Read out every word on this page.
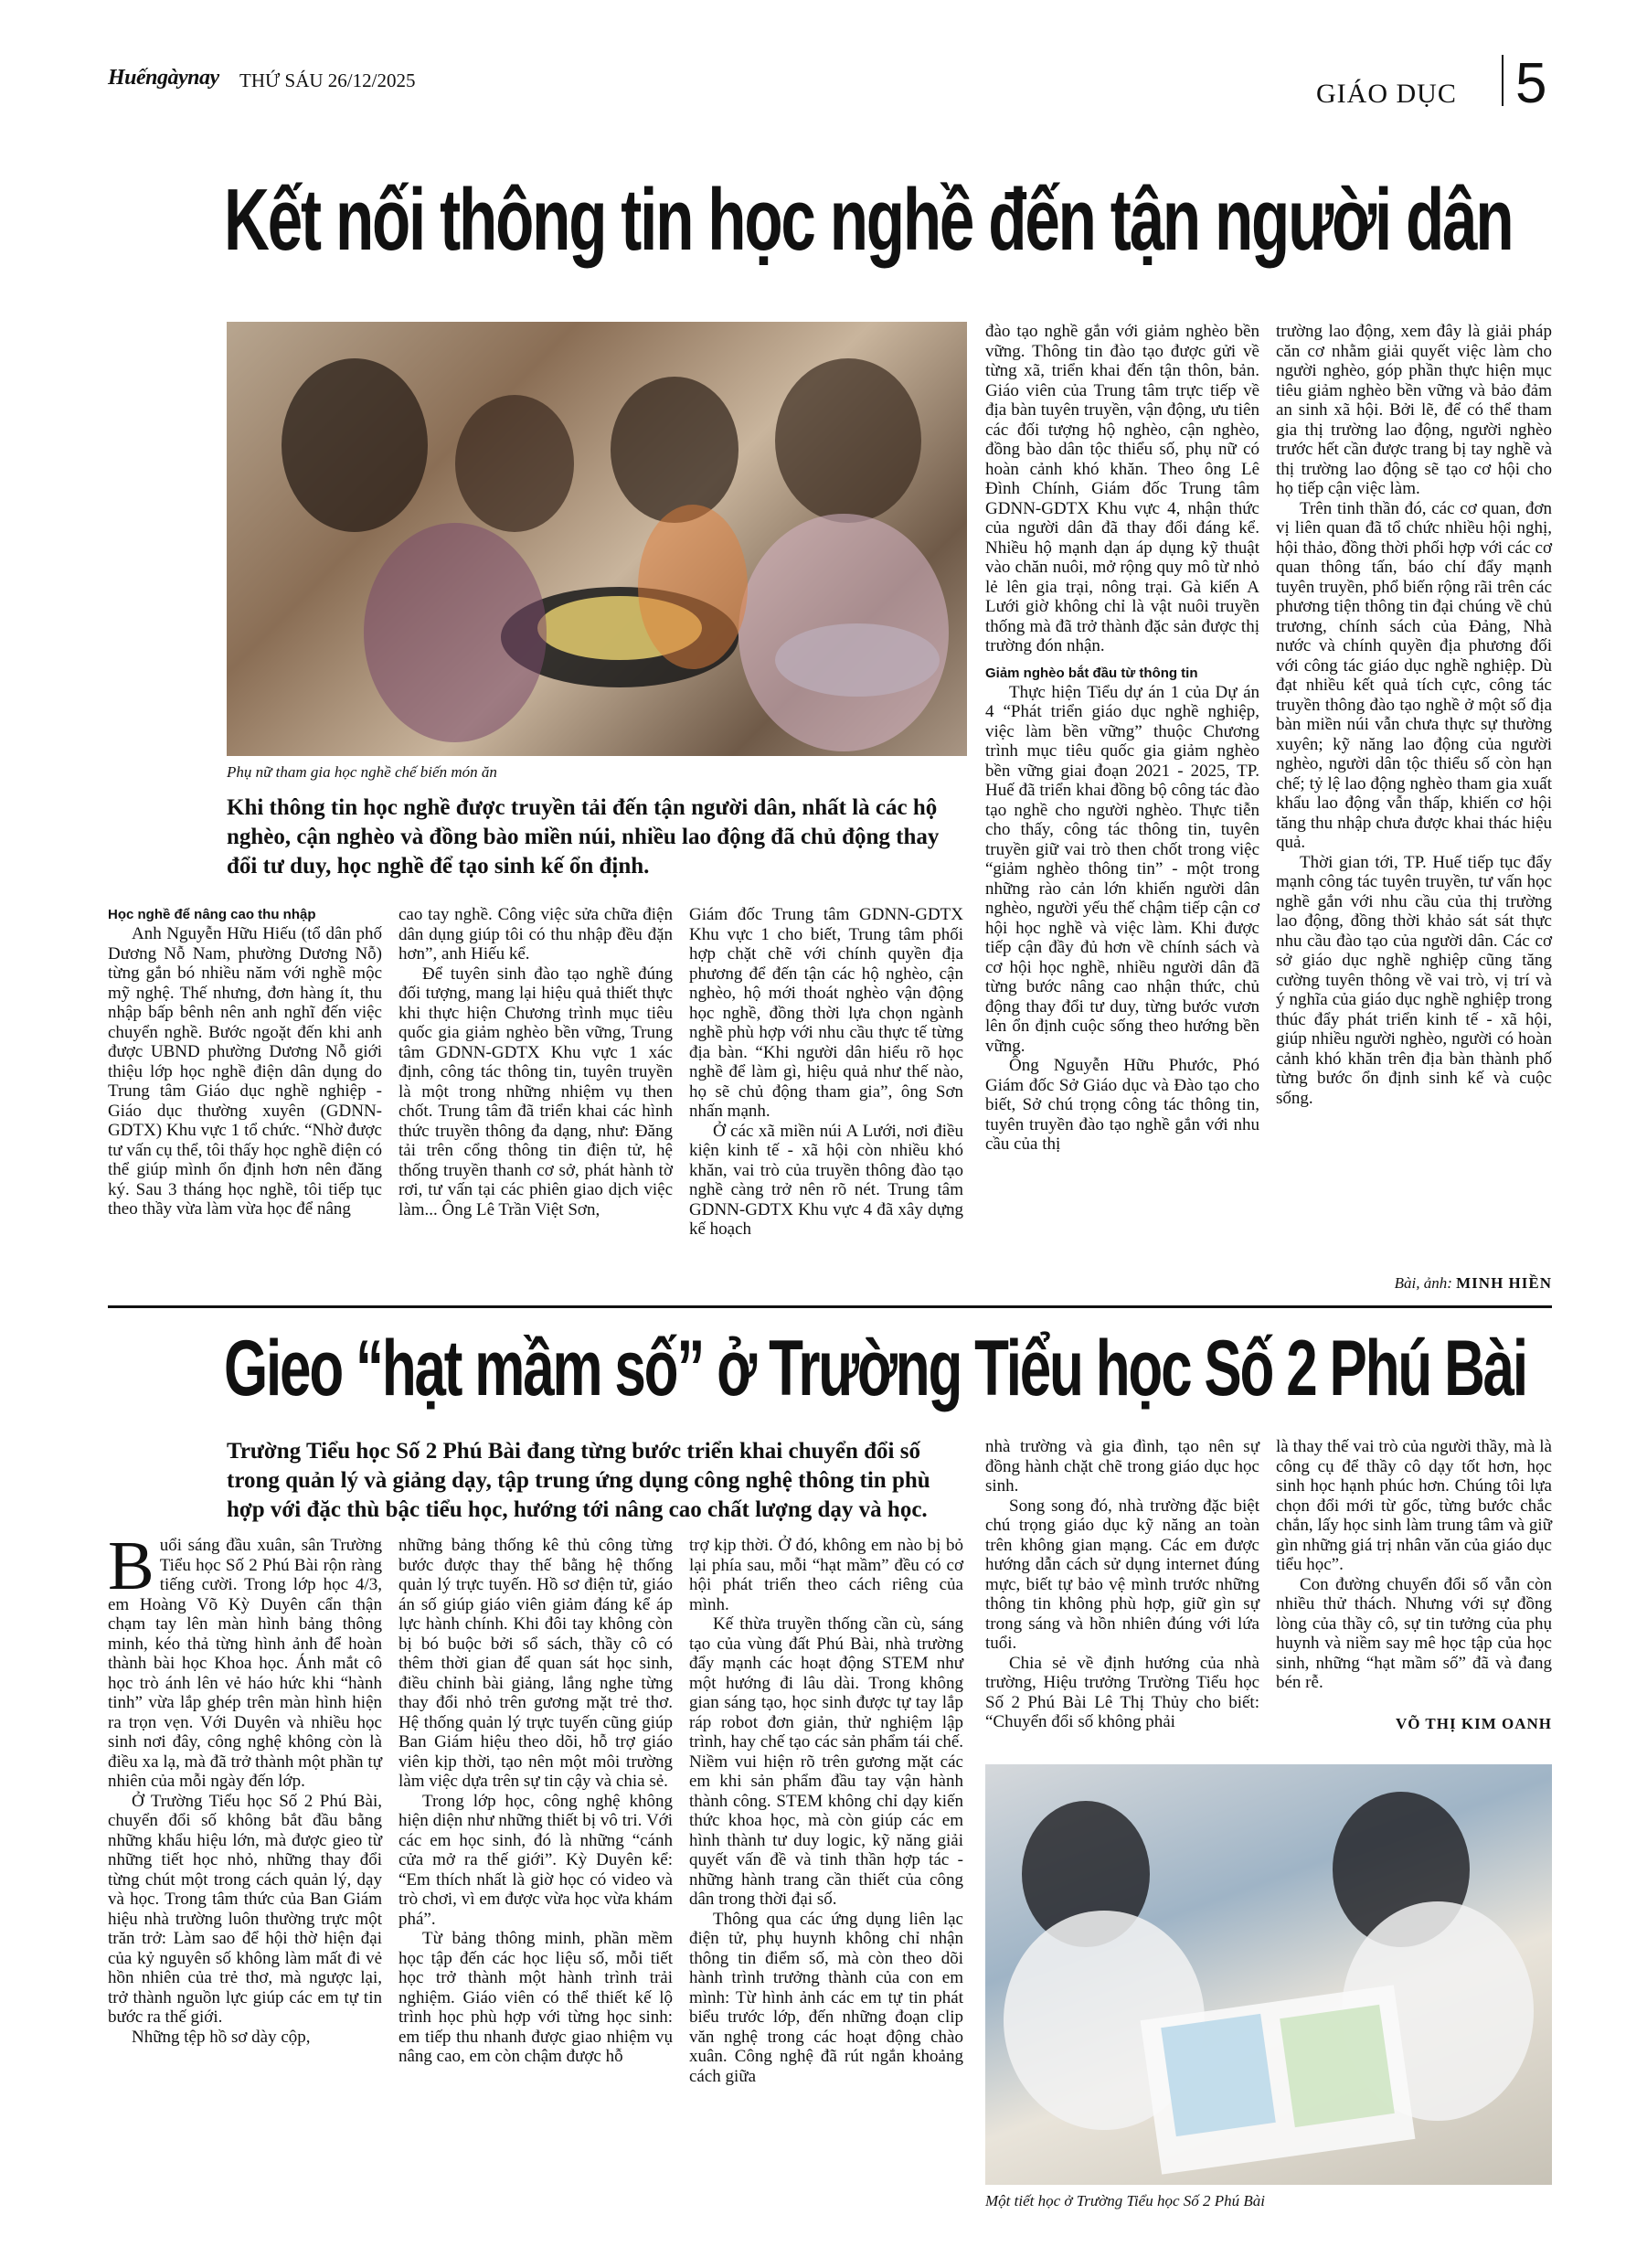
Huếngàynay THỨ SÁU 26/12/2025	GIÁO DỤC 5
Kết nối thông tin học nghề đến tận người dân
Phụ nữ tham gia học nghề chế biến món ăn
Khi thông tin học nghề được truyền tải đến tận người dân, nhất là các hộ nghèo, cận nghèo và đồng bào miền núi, nhiều lao động đã chủ động thay đổi tư duy, học nghề để tạo sinh kế ổn định.

Học nghề để nâng cao thu nhập

Anh Nguyễn Hữu Hiếu (tổ dân phố Dương Nỗ Nam, phường Dương Nỗ) từng gắn bó nhiều năm với nghề mộc mỹ nghệ. Thế nhưng, đơn hàng ít, thu nhập bấp bênh nên anh nghĩ đến việc chuyển nghề. Bước ngoặt đến khi anh được UBND phường Dương Nỗ giới thiệu lớp học nghề điện dân dụng do Trung tâm Giáo dục nghề nghiệp - Giáo dục thường xuyên (GDNN-GDTX) Khu vực 1 tổ chức. “Nhờ được tư vấn cụ thể, tôi thấy học nghề điện có thể giúp mình ổn định hơn nên đăng ký. Sau 3 tháng học nghề, tôi tiếp tục theo thầy vừa làm vừa học để nâng

cao tay nghề. Công việc sửa chữa điện dân dụng giúp tôi có thu nhập đều đặn hơn”, anh Hiếu kể.

Để tuyên sinh đào tạo nghề đúng đối tượng, mang lại hiệu quả thiết thực khi thực hiện Chương trình mục tiêu quốc gia giảm nghèo bền vững, Trung tâm GDNN-GDTX Khu vực 1 xác định, công tác thông tin, tuyên truyền là một trong những nhiệm vụ then chốt. Trung tâm đã triển khai các hình thức truyền thông đa dạng, như: Đăng tải trên cổng thông tin điện tử, hệ thống truyền thanh cơ sở, phát hành tờ rơi, tư vấn tại các phiên giao dịch việc làm... Ông Lê Trần Việt Sơn,

Giám đốc Trung tâm GDNN-GDTX Khu vực 1 cho biết, Trung tâm phối hợp chặt chẽ với chính quyền địa phương để đến tận các hộ nghèo, cận nghèo, hộ mới thoát nghèo vận động học nghề, đồng thời lựa chọn ngành nghề phù hợp với nhu cầu thực tế từng địa bàn. “Khi người dân hiểu rõ học nghề để làm gì, hiệu quả như thế nào, họ sẽ chủ động tham gia”, ông Sơn nhấn mạnh.

Ở các xã miền núi A Lưới, nơi điều kiện kinh tế - xã hội còn nhiều khó khăn, vai trò của truyền thông đào tạo nghề càng trở nên rõ nét. Trung tâm GDNN-GDTX Khu vực 4 đã xây dựng kế hoạch

đào tạo nghề gắn với giảm nghèo bền vững. Thông tin đào tạo được gửi về từng xã, triển khai đến tận thôn, bản. Giáo viên của Trung tâm trực tiếp về địa bàn tuyên truyền, vận động, ưu tiên các đối tượng hộ nghèo, cận nghèo, đồng bào dân tộc thiểu số, phụ nữ có hoàn cảnh khó khăn. Theo ông Lê Đình Chính, Giám đốc Trung tâm GDNN-GDTX Khu vực 4, nhận thức của người dân đã thay đổi đáng kể. Nhiều hộ mạnh dạn áp dụng kỹ thuật vào chăn nuôi, mở rộng quy mô từ nhỏ lẻ lên gia trại, nông trại. Gà kiến A Lưới giờ không chỉ là vật nuôi truyền thống mà đã trở thành đặc sản được thị trường đón nhận.

Giảm nghèo bắt đầu từ thông tin

Thực hiện Tiểu dự án 1 của Dự án 4 “Phát triển giáo dục nghề nghiệp, việc làm bền vững” thuộc Chương trình mục tiêu quốc gia giảm nghèo bền vững giai đoạn 2021 - 2025, TP. Huế đã triển khai đồng bộ công tác đào tạo nghề cho người nghèo. Thực tiễn cho thấy, công tác thông tin, tuyên truyền giữ vai trò then chốt trong việc “giảm nghèo thông tin” - một trong những rào cản lớn khiến người dân nghèo, người yếu thế chậm tiếp cận cơ hội học nghề và việc làm. Khi được tiếp cận đầy đủ hơn về chính sách và cơ hội học nghề, nhiều người dân đã từng bước nâng cao nhận thức, chủ động thay đổi tư duy, từng bước vươn lên ổn định cuộc sống theo hướng bền vững.

Ông Nguyễn Hữu Phước, Phó Giám đốc Sở Giáo dục và Đào tạo cho biết, Sở chú trọng công tác thông tin, tuyên truyền đào tạo nghề gắn với nhu cầu của thị

trường lao động, xem đây là giải pháp căn cơ nhằm giải quyết việc làm cho người nghèo, góp phần thực hiện mục tiêu giảm nghèo bền vững và bảo đảm an sinh xã hội. Bởi lẽ, để có thể tham gia thị trường lao động, người nghèo trước hết cần được trang bị tay nghề và thị trường lao động sẽ tạo cơ hội cho họ tiếp cận việc làm.

Trên tinh thần đó, các cơ quan, đơn vị liên quan đã tổ chức nhiều hội nghị, hội thảo, đồng thời phối hợp với các cơ quan thông tấn, báo chí đẩy mạnh tuyên truyền, phổ biến rộng rãi trên các phương tiện thông tin đại chúng về chủ trương, chính sách của Đảng, Nhà nước và chính quyền địa phương đối với công tác giáo dục nghề nghiệp. Dù đạt nhiều kết quả tích cực, công tác truyền thông đào tạo nghề ở một số địa bàn miền núi vẫn chưa thực sự thường xuyên; kỹ năng lao động của người nghèo, người dân tộc thiểu số còn hạn chế; tỷ lệ lao động nghèo tham gia xuất khẩu lao động vẫn thấp, khiến cơ hội tăng thu nhập chưa được khai thác hiệu quả.

Thời gian tới, TP. Huế tiếp tục đẩy mạnh công tác tuyên truyền, tư vấn học nghề gắn với nhu cầu của thị trường lao động, đồng thời khảo sát sát thực nhu cầu đào tạo của người dân. Các cơ sở giáo dục nghề nghiệp cũng tăng cường tuyên thông về vai trò, vị trí và ý nghĩa của giáo dục nghề nghiệp trong thúc đẩy phát triển kinh tế - xã hội, giúp nhiều người nghèo, người có hoàn cảnh khó khăn trên địa bàn thành phố từng bước ổn định sinh kế và cuộc sống.

Bài, ảnh: MINH HIỀN
Gieo “hạt mầm số” ở Trường Tiểu học Số 2 Phú Bài
Trường Tiểu học Số 2 Phú Bài đang từng bước triển khai chuyển đổi số trong quản lý và giảng dạy, tập trung ứng dụng công nghệ thông tin phù hợp với đặc thù bậc tiểu học, hướng tới nâng cao chất lượng dạy và học.

Buổi sáng đầu xuân, sân Trường Tiểu học Số 2 Phú Bài rộn ràng tiếng cười. Trong lớp học 4/3, em Hoàng Võ Kỳ Duyên cẩn thận chạm tay lên màn hình bảng thông minh, kéo thả từng hình ảnh để hoàn thành bài học Khoa học. Ánh mắt cô học trò ánh lên vẻ háo hức khi “hành tinh” vừa lắp ghép trên màn hình hiện ra trọn vẹn. Với Duyên và nhiều học sinh nơi đây, công nghệ không còn là điều xa lạ, mà đã trở thành một phần tự nhiên của mỗi ngày đến lớp.

Ở Trường Tiểu học Số 2 Phú Bài, chuyển đổi số không bắt đầu bằng những khẩu hiệu lớn, mà được gieo từ những tiết học nhỏ, những thay đổi từng chút một trong cách quản lý, dạy và học. Trong tâm thức của Ban Giám hiệu nhà trường luôn thường trực một trăn trở: Làm sao để hội thờ hiện đại của kỷ nguyên số không làm mất đi vẻ hồn nhiên của trẻ thơ, mà ngược lại, trở thành nguồn lực giúp các em tự tin bước ra thế giới.

Những tệp hồ sơ dày cộp,

những bảng thống kê thủ công từng bước được thay thế bằng hệ thống quản lý trực tuyến. Hồ sơ điện tử, giáo án số giúp giáo viên giảm đáng kể áp lực hành chính. Khi đôi tay không còn bị bó buộc bởi sổ sách, thầy cô có thêm thời gian để quan sát học sinh, điều chỉnh bài giảng, lắng nghe từng thay đổi nhỏ trên gương mặt trẻ thơ. Hệ thống quản lý trực tuyến cũng giúp Ban Giám hiệu theo dõi, hỗ trợ giáo viên kịp thời, tạo nên một môi trường làm việc dựa trên sự tin cậy và chia sẻ.

Trong lớp học, công nghệ không hiện diện như những thiết bị vô tri. Với các em học sinh, đó là những “cánh cửa mở ra thế giới”. Kỳ Duyên kể: “Em thích nhất là giờ học có video và trò chơi, vì em được vừa học vừa khám phá”.

Từ bảng thông minh, phần mềm học tập đến các học liệu số, mỗi tiết học trở thành một hành trình trải nghiệm. Giáo viên có thể thiết kế lộ trình học phù hợp với từng học sinh: em tiếp thu nhanh được giao nhiệm vụ nâng cao, em còn chậm được hỗ

trợ kịp thời. Ở đó, không em nào bị bỏ lại phía sau, mỗi “hạt mầm” đều có cơ hội phát triển theo cách riêng của mình.

Kế thừa truyền thống cần cù, sáng tạo của vùng đất Phú Bài, nhà trường đẩy mạnh các hoạt động STEM như một hướng đi lâu dài. Trong không gian sáng tạo, học sinh được tự tay lắp ráp robot đơn giản, thử nghiệm lập trình, hay chế tạo các sản phẩm tái chế. Niềm vui hiện rõ trên gương mặt các em khi sản phẩm đầu tay vận hành thành công. STEM không chỉ dạy kiến thức khoa học, mà còn giúp các em hình thành tư duy logic, kỹ năng giải quyết vấn đề và tinh thần hợp tác - những hành trang cần thiết của công dân trong thời đại số.

Thông qua các ứng dụng liên lạc điện tử, phụ huynh không chỉ nhận thông tin điểm số, mà còn theo dõi hành trình trưởng thành của con em mình: Từ hình ảnh các em tự tin phát biểu trước lớp, đến những đoạn clip văn nghệ trong các hoạt động chào xuân. Công nghệ đã rút ngắn khoảng cách giữa

nhà trường và gia đình, tạo nên sự đồng hành chặt chẽ trong giáo dục học sinh.

Song song đó, nhà trường đặc biệt chú trọng giáo dục kỹ năng an toàn trên không gian mạng. Các em được hướng dẫn cách sử dụng internet đúng mực, biết tự bảo vệ mình trước những thông tin không phù hợp, giữ gìn sự trong sáng và hồn nhiên đúng với lứa tuổi.

Chia sẻ về định hướng của nhà trường, Hiệu trưởng Trường Tiểu học Số 2 Phú Bài Lê Thị Thủy cho biết: “Chuyển đổi số không phải

là thay thế vai trò của người thầy, mà là công cụ để thầy cô dạy tốt hơn, học sinh học hạnh phúc hơn. Chúng tôi lựa chọn đổi mới từ gốc, từng bước chắc chắn, lấy học sinh làm trung tâm và giữ gìn những giá trị nhân văn của giáo dục tiểu học”.

Con đường chuyển đổi số vẫn còn nhiều thử thách. Nhưng với sự đồng lòng của thầy cô, sự tin tưởng của phụ huynh và niềm say mê học tập của học sinh, những “hạt mầm số” đã và đang bén rễ.

VÕ THỊ KIM OANH
Một tiết học ở Trường Tiểu học Số 2 Phú Bài
